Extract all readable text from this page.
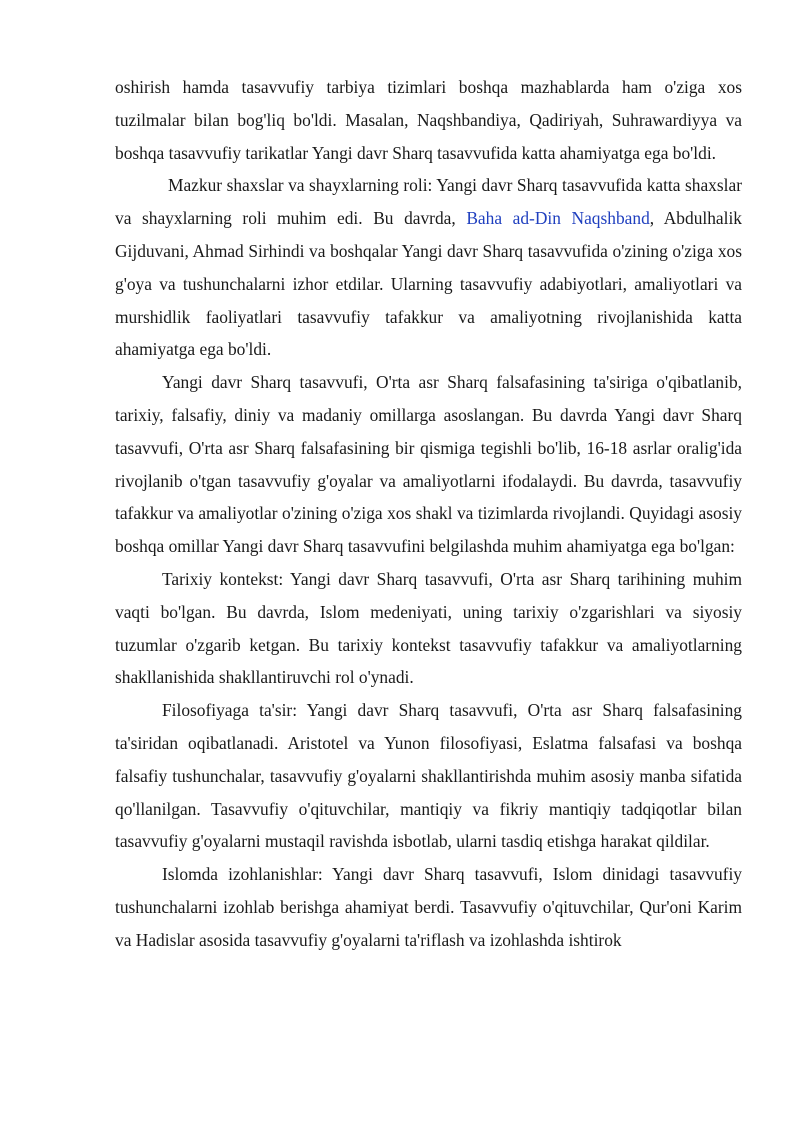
oshirish hamda tasavvufiy tarbiya tizimlari boshqa mazhablarda ham o'ziga xos tuzilmalar bilan bog'liq bo'ldi. Masalan, Naqshbandiya, Qadiriyah, Suhrawardiyya va boshqa tasavvufiy tarikatlar Yangi davr Sharq tasavvufida katta ahamiyatga ega bo'ldi.

Mazkur shaxslar va shayxlarning roli: Yangi davr Sharq tasavvufida katta shaxslar va shayxlarning roli muhim edi. Bu davrda, Baha ad-Din Naqshband, Abdulhalik Gijduvani, Ahmad Sirhindi va boshqalar Yangi davr Sharq tasavvufida o'zining o'ziga xos g'oya va tushunchalarni izhor etdilar. Ularning tasavvufiy adabiyotlari, amaliyotlari va murshidlik faoliyatlari tasavvufiy tafakkur va amaliyotning rivojlanishida katta ahamiyatga ega bo'ldi.

Yangi davr Sharq tasavvufi, O'rta asr Sharq falsafasining ta'siriga o'qibatlanib, tarixiy, falsafiy, diniy va madaniy omillarga asoslangan. Bu davrda Yangi davr Sharq tasavvufi, O'rta asr Sharq falsafasining bir qismiga tegishli bo'lib, 16-18 asrlar oralig'ida rivojlanib o'tgan tasavvufiy g'oyalar va amaliyotlarni ifodalaydi. Bu davrda, tasavvufiy tafakkur va amaliyotlar o'zining o'ziga xos shakl va tizimlarda rivojlandi. Quyidagi asosiy boshqa omillar Yangi davr Sharq tasavvufini belgilashda muhim ahamiyatga ega bo'lgan:

Tarixiy kontekst: Yangi davr Sharq tasavvufi, O'rta asr Sharq tarihining muhim vaqti bo'lgan. Bu davrda, Islom medeniyati, uning tarixiy o'zgarishlari va siyosiy tuzumlar o'zgarib ketgan. Bu tarixiy kontekst tasavvufiy tafakkur va amaliyotlarning shakllanishida shakllantiruvchi rol o'ynadi.

Filosofiyaga ta'sir: Yangi davr Sharq tasavvufi, O'rta asr Sharq falsafasining ta'siridan oqibatlanadi. Aristotel va Yunon filosofiyasi, Eslatma falsafasi va boshqa falsafiy tushunchalar, tasavvufiy g'oyalarni shakllantirishda muhim asosiy manba sifatida qo'llanilgan. Tasavvufiy o'qituvchilar, mantiqiy va fikriy mantiqiy tadqiqotlar bilan tasavvufiy g'oyalarni mustaqil ravishda isbotlab, ularni tasdiq etishga harakat qildilar.

Islomda izohlanishlar: Yangi davr Sharq tasavvufi, Islom dinidagi tasavvufiy tushunchalarni izohlab berishga ahamiyat berdi. Tasavvufiy o'qituvchilar, Qur'oni Karim va Hadislar asosida tasavvufiy g'oyalarni ta'riflash va izohlashda ishtirok
